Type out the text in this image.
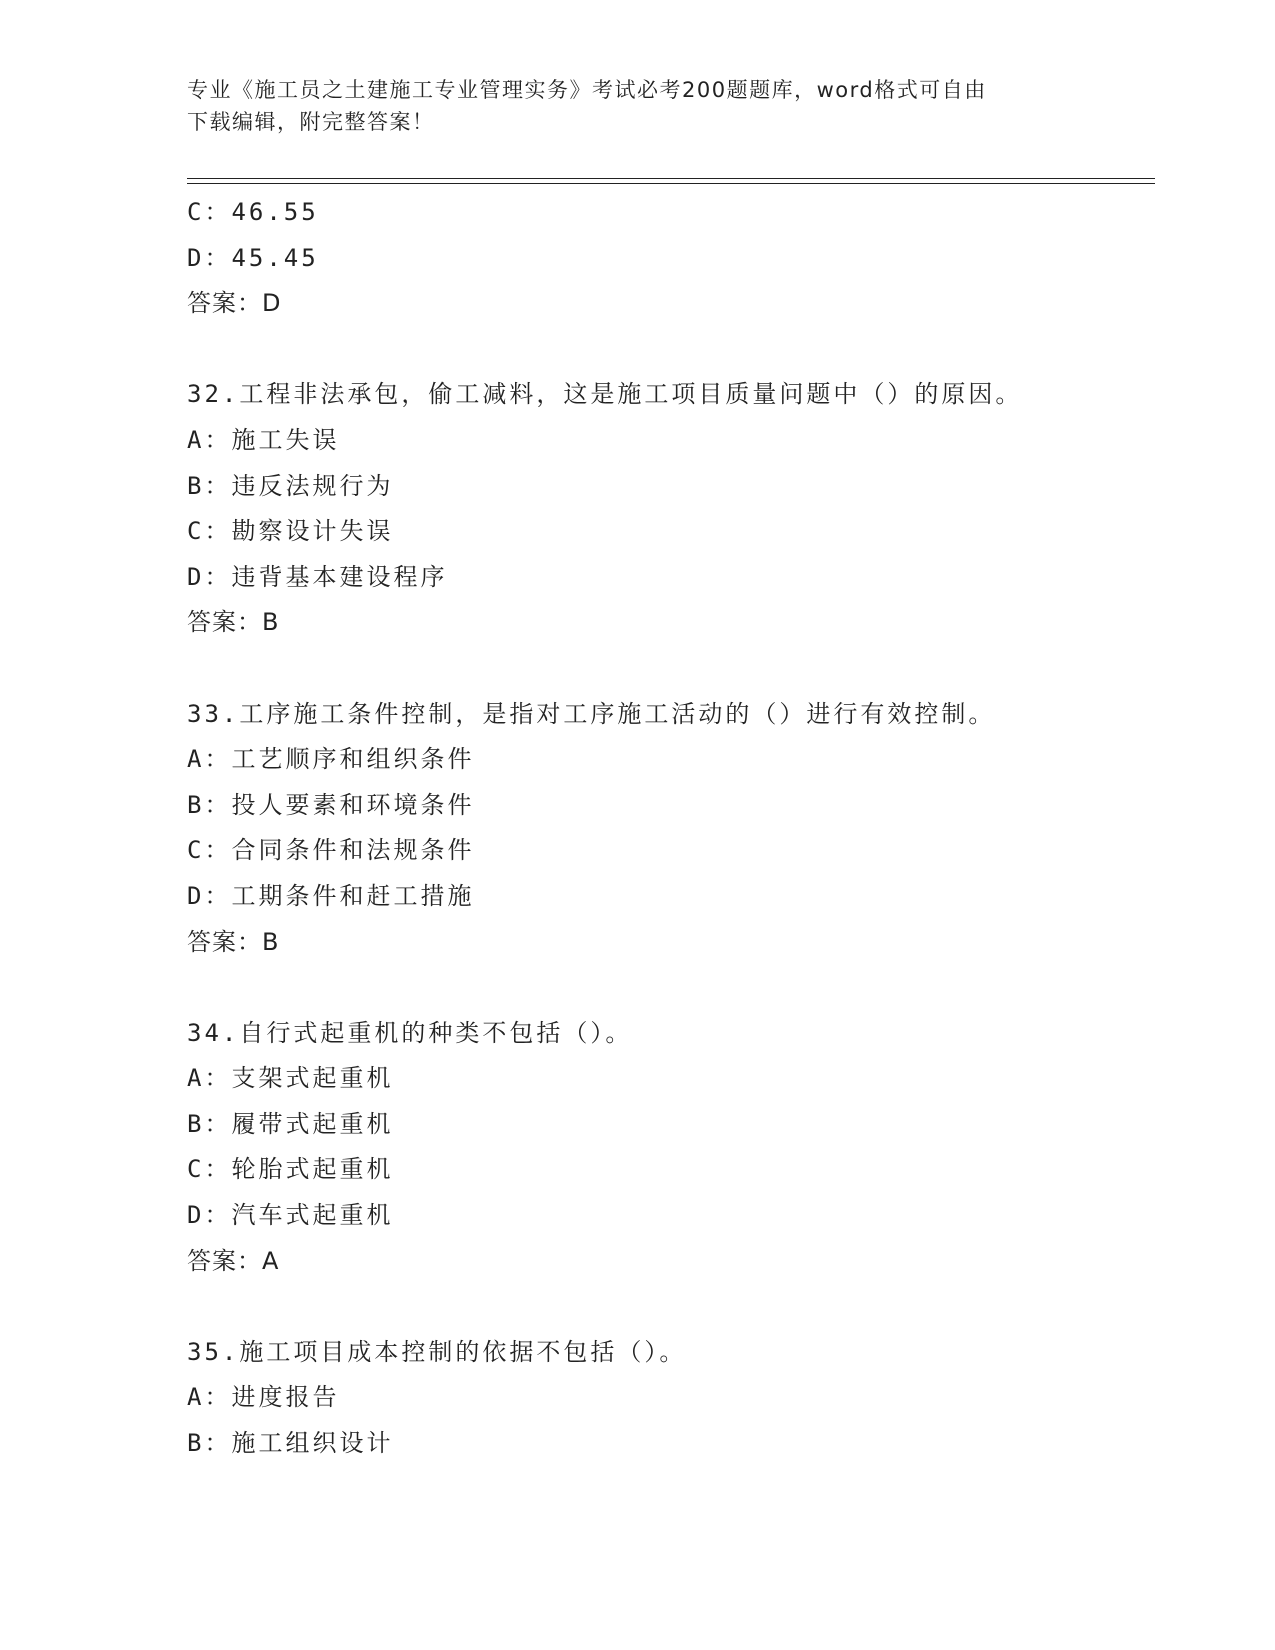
专业《施工员之土建施工专业管理实务》考试必考200题题库，word格式可自由
下载编辑，附完整答案！
C：46.55
D：45.45
答案：D
32.工程非法承包，偷工减料，这是施工项目质量问题中（）的原因。
A：施工失误
B：违反法规行为
C：勘察设计失误
D：违背基本建设程序
答案：B
33.工序施工条件控制，是指对工序施工活动的（）进行有效控制。
A：工艺顺序和组织条件
B：投人要素和环境条件
C：合同条件和法规条件
D：工期条件和赶工措施
答案：B
34.自行式起重机的种类不包括（）。
A：支架式起重机
B：履带式起重机
C：轮胎式起重机
D：汽车式起重机
答案：A
35.施工项目成本控制的依据不包括（）。
A：进度报告
B：施工组织设计
